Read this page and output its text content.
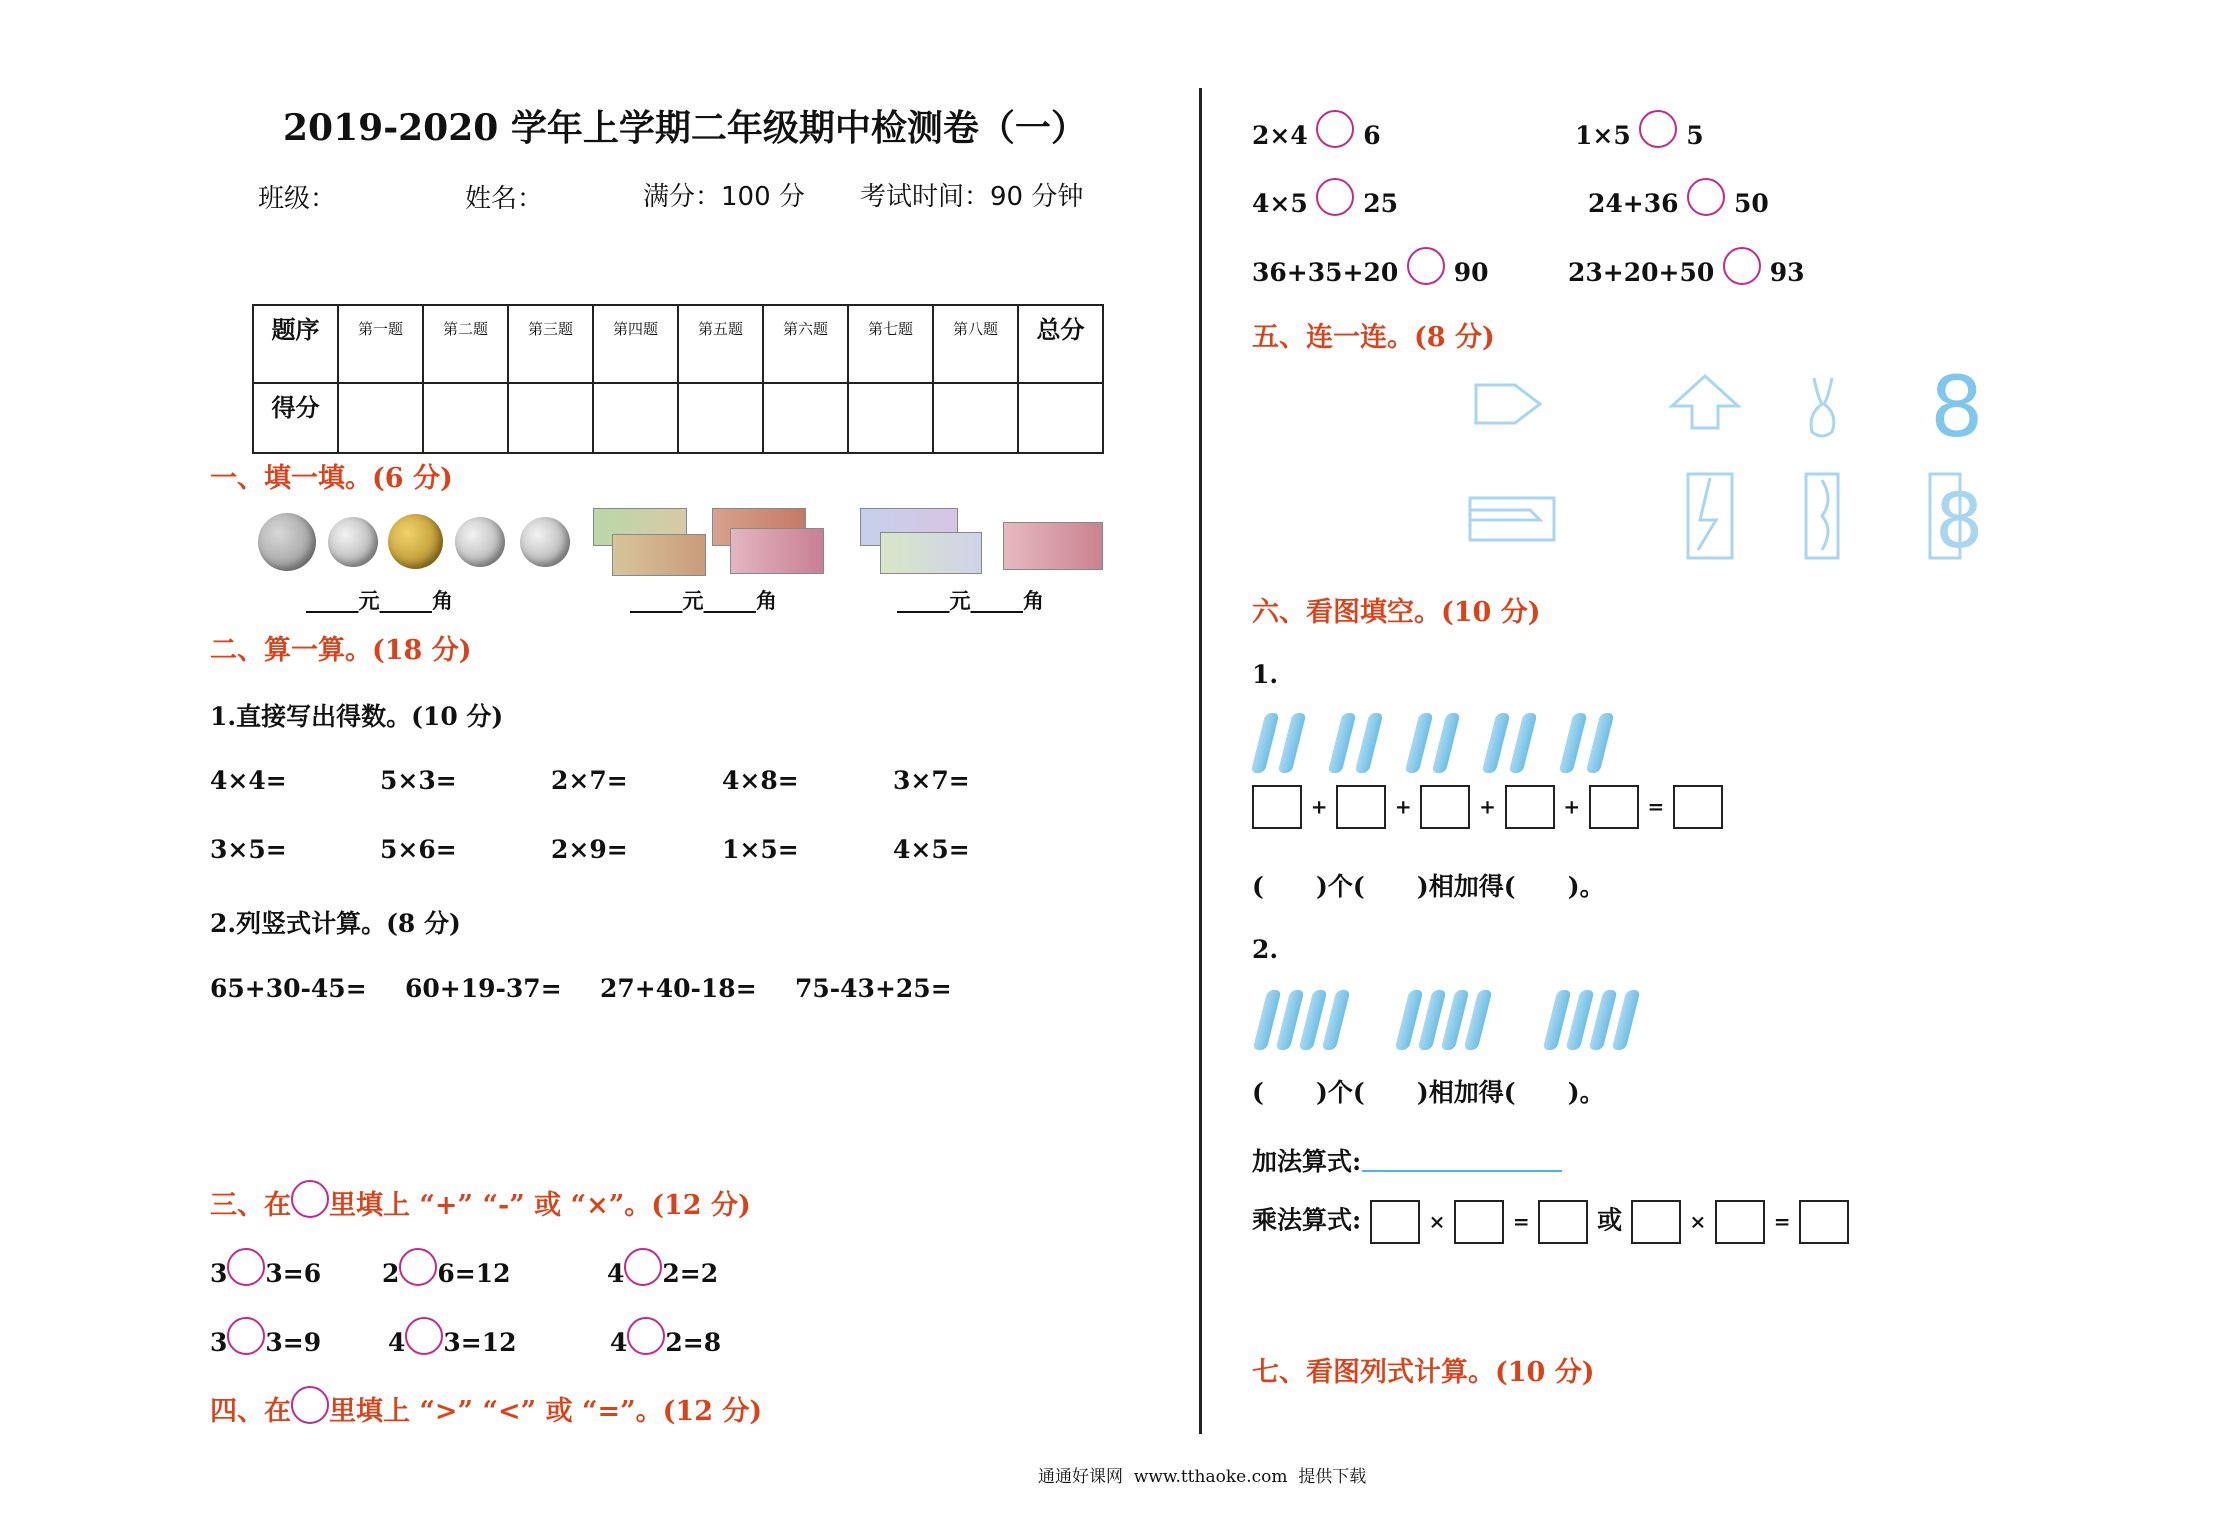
2019-2020 学年上学期二年级期中检测卷（一）
班级：	姓名：	满分：100 分 考试时间：90 分钟
题序	第一题	第二题	第三题	第四题	第五题	第六题	第七题	第八题	总分
得分									
一、填一填。(6 分)
_____元_____角	_____元_____角	_____元_____角
二、算一算。(18 分)
1.直接写出得数。(10 分)
4×4=	5×3=	2×7=	4×8=	3×7=
3×5=	5×6=	2×9=	1×5=	4×5=
2.列竖式计算。(8 分)
65+30-45= 60+19-37= 27+40-18= 75-43+25=
三、在 里填上 “+” “-” 或 “×”。(12 分)
3 3=6 2 6=12	4 2=2
3 3=9	4 3=12	4 2=8
四、在 里填上 “>” “<” 或 “=”。(12 分)
2×4 6	1×5 5
4×5 25	24+36 50
36+35+20 90	23+20+50 93
五、连一连。(8 分)
8
8
六、看图填空。(10 分)
1.
+	+	+	+	=
(      )个(      )相加得(      )。
2.
(      )个(      )相加得(      )。
加法算式:
乘法算式:	×	=	或	×	=
七、看图列式计算。(10 分)
通通好课网  www.tthaoke.com  提供下载
